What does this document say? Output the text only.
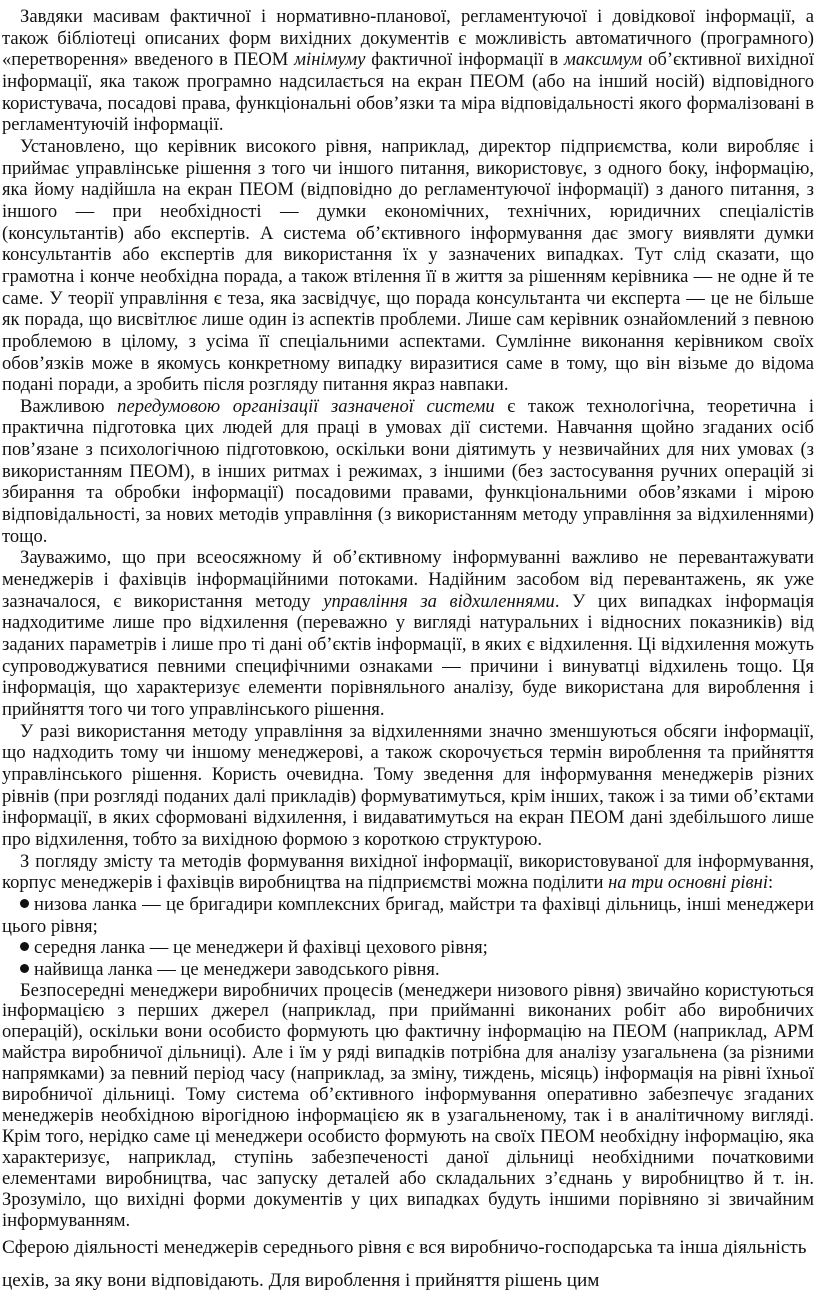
Завдяки масивам фактичної і нормативно-планової, регламентуючої і довідкової інформації, а також бібліотеці описаних форм вихідних документів є можливість автоматичного (програмного) «перетворення» введеного в ПЕОМ мінімуму фактичної інформації в максимум об’єктивної вихідної інформації, яка також програмно надсилається на екран ПЕОМ (або на інший носій) відповідного користувача, посадові права, функціональні обов’язки та міра відповідальності якого формалізовані в регламентуючій інформації.

Установлено, що керівник високого рівня, наприклад, директор підприємства, коли виробляє і приймає управлінське рішення з того чи іншого питання, використовує, з одного боку, інформацію, яка йому надійшла на екран ПЕОМ (відповідно до регламентуючої інформації) з даного питання, з іншого — при необхідності — думки економічних, технічних, юридичних спеціалістів (консультантів) або експертів. А система об’єктивного інформування дає змогу виявляти думки консультантів або експертів для використання їх у зазначених випадках. Тут слід сказати, що грамотна і конче необхідна порада, а також втілення її в життя за рішенням керівника — не одне й те саме. У теорії управління є теза, яка засвідчує, що порада консультанта чи експерта — це не більше як порада, що висвітлює лише один із аспектів проблеми. Лише сам керівник ознайомлений з певною проблемою в цілому, з усіма її спеціальними аспектами. Сумлінне виконання керівником своїх обов’язків може в якомусь конкретному випадку виразитися саме в тому, що він візьме до відома подані поради, а зробить після розгляду питання якраз навпаки.

Важливою передумовою організації зазначеної системи є також технологічна, теоретична і практична підготовка цих людей для праці в умовах дії системи. Навчання щойно згаданих осіб пов’язане з психологічною підготовкою, оскільки вони діятимуть у незвичайних для них умовах (з використанням ПЕОМ), в інших ритмах і режимах, з іншими (без застосування ручних операцій зі збирання та обробки інформації) посадовими правами, функціональними обов’язками і мірою відповідальності, за нових методів управління (з використанням методу управління за відхиленнями) тощо.

Зауважимо, що при всеосяжному й об’єктивному інформуванні важливо не перевантажувати менеджерів і фахівців інформаційними потоками. Надійним засобом від перевантажень, як уже зазначалося, є використання методу управління за відхиленнями. У цих випадках інформація надходитиме лише про відхилення (переважно у вигляді натуральних і відносних показників) від заданих параметрів і лише про ті дані об’єктів інформації, в яких є відхилення. Ці відхилення можуть супроводжуватися певними специфічними ознаками — причини і винуватці відхилень тощо. Ця інформація, що характеризує елементи порівняльного аналізу, буде використана для вироблення і прийняття того чи того управлінського рішення.

У разі використання методу управління за відхиленнями значно зменшуються обсяги інформації, що надходить тому чи іншому менеджерові, а також скорочується термін вироблення та прийняття управлінського рішення. Користь очевидна. Тому зведення для інформування менеджерів різних рівнів (при розгляді поданих далі прикладів) формуватимуться, крім інших, також і за тими об’єктами інформації, в яких сформовані відхилення, і видаватимуться на екран ПЕОМ дані здебільшого лише про відхилення, тобто за вихідною формою з короткою структурою.

З погляду змісту та методів формування вихідної інформації, використовуваної для інформування, корпус менеджерів і фахівців виробництва на підприємстві можна поділити на три основні рівні:

низова ланка — це бригадири комплексних бригад, майстри та фахівці дільниць, інші менеджери цього рівня;

середня ланка — це менеджери й фахівці цехового рівня;

найвища ланка — це менеджери заводського рівня.

Безпосередні менеджери виробничих процесів (менеджери низового рівня) звичайно користуються інформацією з перших джерел (наприклад, при прийманні виконаних робіт або виробничих операцій), оскільки вони особисто формують цю фактичну інформацію на ПЕОМ (наприклад, АРМ майстра виробничої дільниці). Але і їм у ряді випадків потрібна для аналізу узагальнена (за різними напрямками) за певний період часу (наприклад, за зміну, тиждень, місяць) інформація на рівні їхньої виробничої дільниці. Тому система об’єктивного інформування оперативно забезпечує згаданих менеджерів необхідною вірогідною інформацією як в узагальненому, так і в аналітичному вигляді. Крім того, нерідко саме ці менеджери особисто формують на своїх ПЕОМ необхідну інформацію, яка характеризує, наприклад, ступінь забезпеченості даної дільниці необхідними початковими елементами виробництва, час запуску деталей або складальних з’єднань у виробництво й т. ін. Зрозуміло, що вихідні форми документів у цих випадках будуть іншими порівняно зі звичайним інформуванням.

Сферою діяльності менеджерів середнього рівня є вся виробничо-господарська та інша діяльність цехів, за яку вони відповідають. Для вироблення і прийняття рішень цим
